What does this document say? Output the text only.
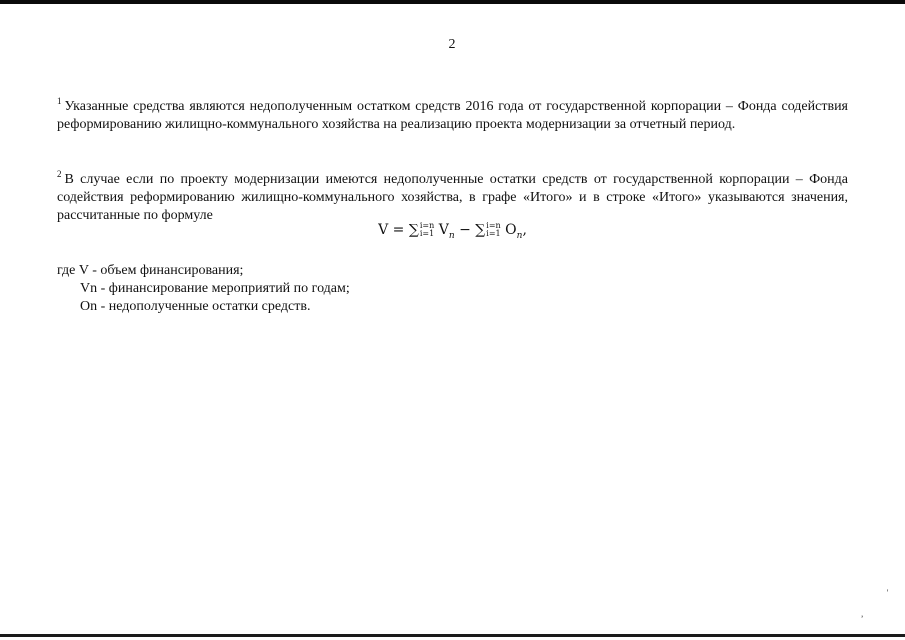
2
$^1$ Указанные средства являются недополученным остатком средств 2016 года от государственной корпорации – Фонда содействия реформированию жилищно-коммунального хозяйства на реализацию проекта модернизации за отчетный период.
$^2$ В случае если по проекту модернизации имеются недополученные остатки средств от государственной корпорации – Фонда содействия реформированию жилищно-коммунального хозяйства, в графе «Итого» и в строке «Итого» указываются значения, рассчитанные по формуле
V = ∑ i=n
i=1 $V_n$ − ∑ i=n
i=1 $O_n$,
где V - объем финансирования;
Vn - финансирование мероприятий по годам;
On - недополученные остатки средств.
′
ʼ
